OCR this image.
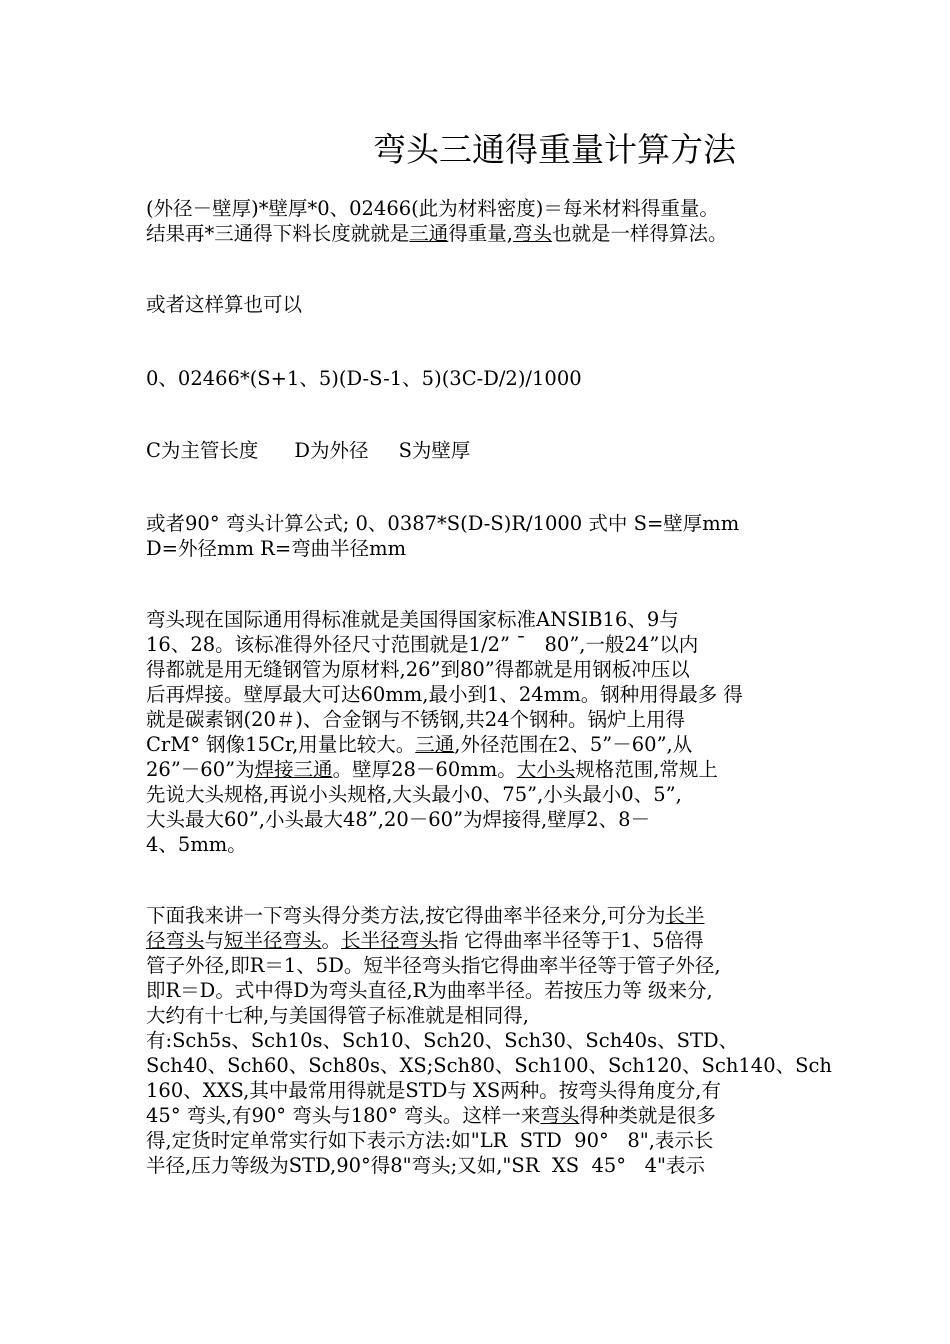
弯头三通得重量计算方法
(外径－壁厚)*壁厚*0、02466(此为材料密度)＝每米材料得重量。
结果再*三通得下料长度就就是三通得重量,弯头也就是一样得算法。
或者这样算也可以
0、02466*(S+1、5)(D-S-1、5)(3C-D/2)/1000
C为主管长度 D为外径 S为壁厚
或者90° 弯头计算公式; 0、0387*S(D-S)R/1000 式中 S=壁厚mm
D=外径mm R=弯曲半径mm
弯头现在国际通用得标准就是美国得国家标准ANSIB16、9与
16、28。该标准得外径尺寸范围就是1/2” ¯   80”,一般24”以内
得都就是用无缝钢管为原材料,26”到80”得都就是用钢板冲压以
后再焊接。壁厚最大可达60mm,最小到1、24mm。钢种用得最多 得
就是碳素钢(20＃)、合金钢与不锈钢,共24个钢种。锅炉上用得
CrM° 钢像15Cr,用量比较大。三通,外径范围在2、5”－60”,从
26”－60”为焊接三通。壁厚28－60mm。大小头规格范围,常规上
先说大头规格,再说小头规格,大头最小0、75”,小头最小0、5”,
大头最大60”,小头最大48”,20－60”为焊接得,壁厚2、8－
4、5mm。
下面我来讲一下弯头得分类方法,按它得曲率半径来分,可分为长半
径弯头与短半径弯头。长半径弯头指 它得曲率半径等于1、5倍得
管子外径,即R＝1、5D。短半径弯头指它得曲率半径等于管子外径,
即R＝D。式中得D为弯头直径,R为曲率半径。若按压力等 级来分,
大约有十七种,与美国得管子标准就是相同得,
有:Sch5s、Sch10s、Sch10、Sch20、Sch30、Sch40s、STD、
Sch40、Sch60、Sch80s、XS;Sch80、Sch100、Sch120、Sch140、Sch
160、XXS,其中最常用得就是STD与 XS两种。按弯头得角度分,有
45° 弯头,有90° 弯头与180° 弯头。这样一来弯头得种类就是很多
得,定货时定单常实行如下表示方法:如"LR  STD  90°   8",表示长
半径,压力等级为STD,90°得8"弯头;又如,"SR  XS  45°   4"表示
